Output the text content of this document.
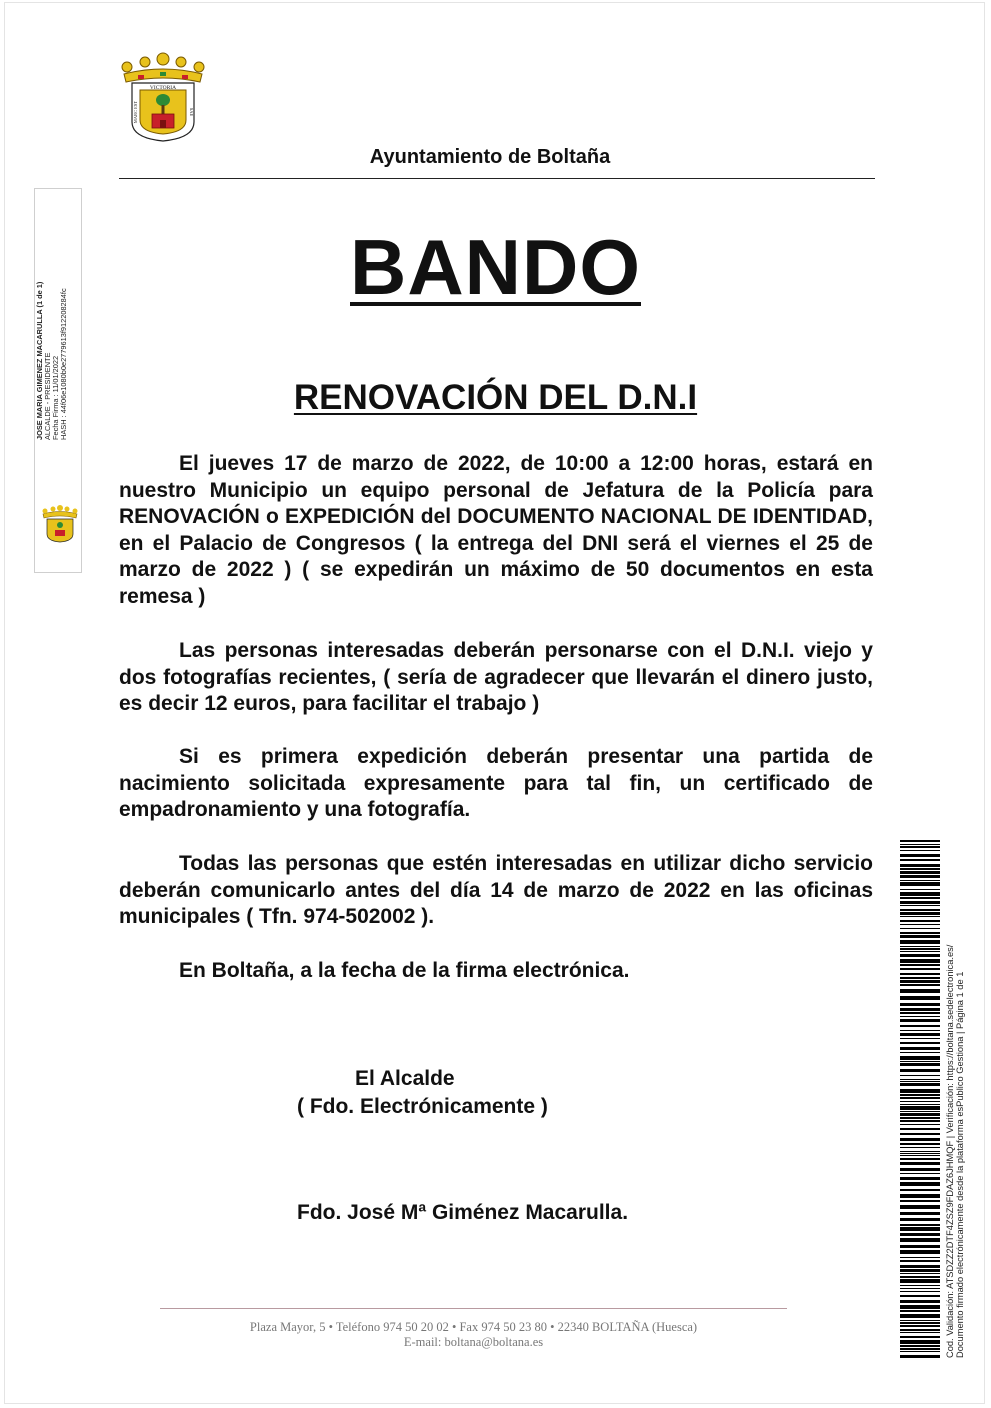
VICTORIA
MARC EST	SAE
Ayuntamiento de Boltaña
BANDO
RENOVACIÓN DEL D.N.I

El jueves 17 de marzo de 2022, de 10:00 a 12:00 horas, estará en nuestro Municipio un equipo personal de Jefatura de la Policía para RENOVACIÓN o EXPEDICIÓN del DOCUMENTO NACIONAL DE IDENTIDAD, en el Palacio de Congresos ( la entrega del DNI será el viernes el 25 de marzo de 2022 ) ( se expedirán un máximo de 50 documentos en esta remesa )

Las personas interesadas deberán personarse con el D.N.I. viejo y dos fotografías recientes, ( sería de agradecer que llevarán el dinero justo, es decir 12 euros, para facilitar el trabajo )

Si es primera expedición deberán presentar una partida de nacimiento solicitada expresamente para tal fin, un certificado de empadronamiento y una fotografía.

Todas las personas que estén interesadas en utilizar dicho servicio deberán comunicarlo antes del día 14 de marzo de 2022 en las oficinas municipales ( Tfn. 974-502002 ).

En Boltaña, a la fecha de la firma electrónica.

El Alcalde
( Fdo. Electrónicamente )
Fdo. José Mª Giménez Macarulla.
Plaza Mayor, 5 • Teléfono 974 50 20 02 • Fax 974 50 23 80 • 22340 BOLTAÑA (Huesca)
E-mail: boltana@boltana.es
JOSE MARIA GIMENEZ MACARULLA (1 de 1) ALCALDE - PRESIDENTE Fecha Firma : 11/01/2022 HASH : 44f06e1080b0e2779613f912208284fc
Cod. Validación: ATSDZZ2DTF4ZSZ9FDAZ6JHMQF | Verificación: https://boltana.sedelectronica.es/ Documento firmado electrónicamente desde la plataforma esPublico Gestiona | Página 1 de 1
